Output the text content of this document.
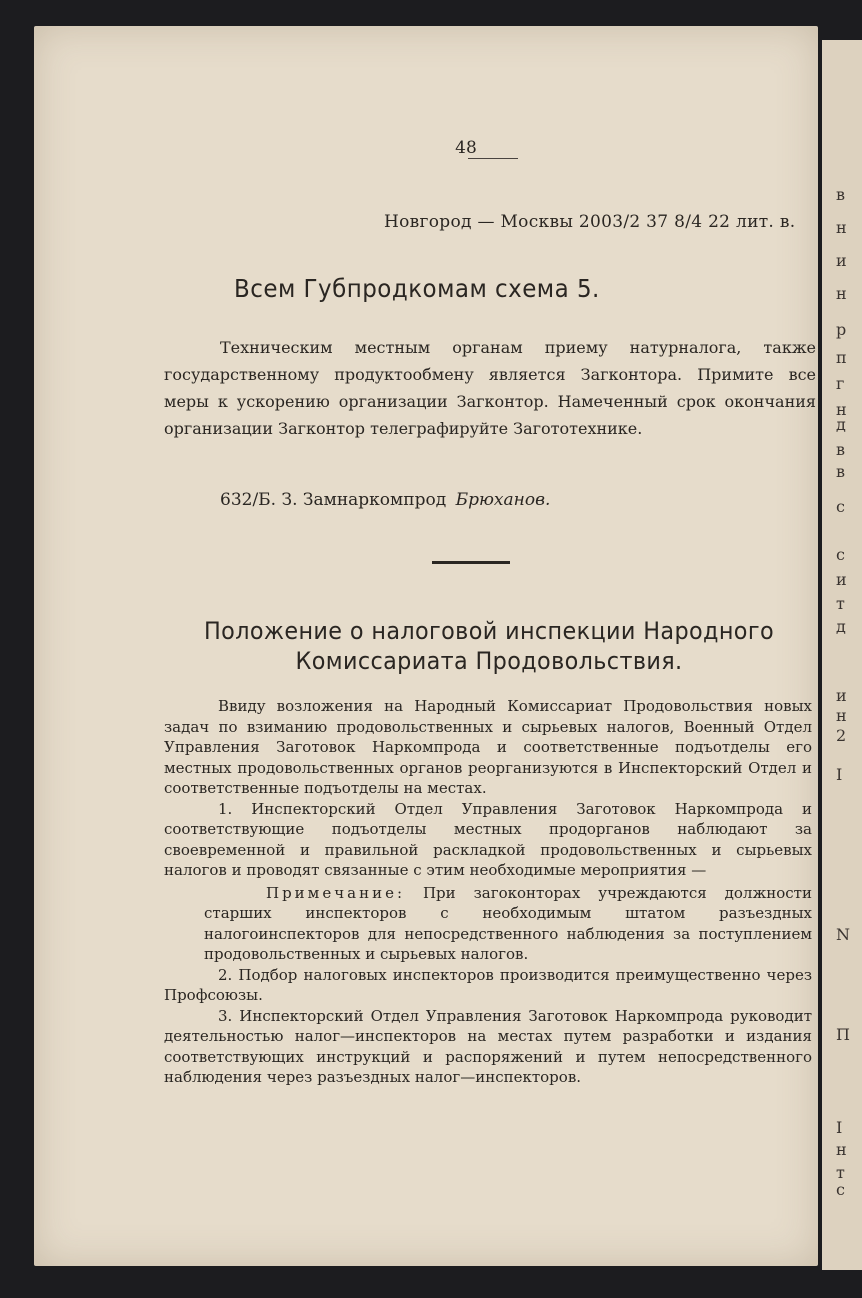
48
Новгород — Москвы 2003/2 37 8/4 22 лит. в.
Всем Губпродкомам схема 5.
Техническим местным органам приему натурналога, также государственному продуктообмену является Загконтора. Примите все меры к ускорению организации Загконтор. Намеченный срок окончания организации Загконтор телеграфируйте Загототехнике.
632/Б. З. Замнаркомпрод Брюханов.
Положение о налоговой инспекции Народного
Комиссариата Продовольствия.

Ввиду возложения на Народный Комиссариат Продовольствия новых задач по взиманию продовольственных и сырьевых налогов, Военный Отдел Управления Заготовок Наркомпрода и соответственные подъотделы его местных продовольственных органов реорганизуются в Инспекторский Отдел и соответственные подъотделы на местах.

1. Инспекторский Отдел Управления Заготовок Наркомпрода и соответствующие подъотделы местных продорганов наблюдают за своевременной и правильной раскладкой продовольственных и сырьевых налогов и проводят связанные с этим необходимые мероприятия —

Примечание: При загоконторах учреждаются должности старших инспекторов с необходимым штатом разъездных налогоинспекторов для непосредственного наблюдения за поступлением продовольственных и сырьевых налогов.

2. Подбор налоговых инспекторов производится преимущественно через Профсоюзы.

3. Инспекторский Отдел Управления Заготовок Наркомпрода руководит деятельностью налог—инспекторов на местах путем разработки и издания соответствующих инструкций и распоряжений и путем непосредственного наблюдения через разъездных налог—инспекторов.

в
н
и
н
р
п
г
н
д
в
в
с
с
и
т
д
и
н
2
I
N
П
I
н
т
с
